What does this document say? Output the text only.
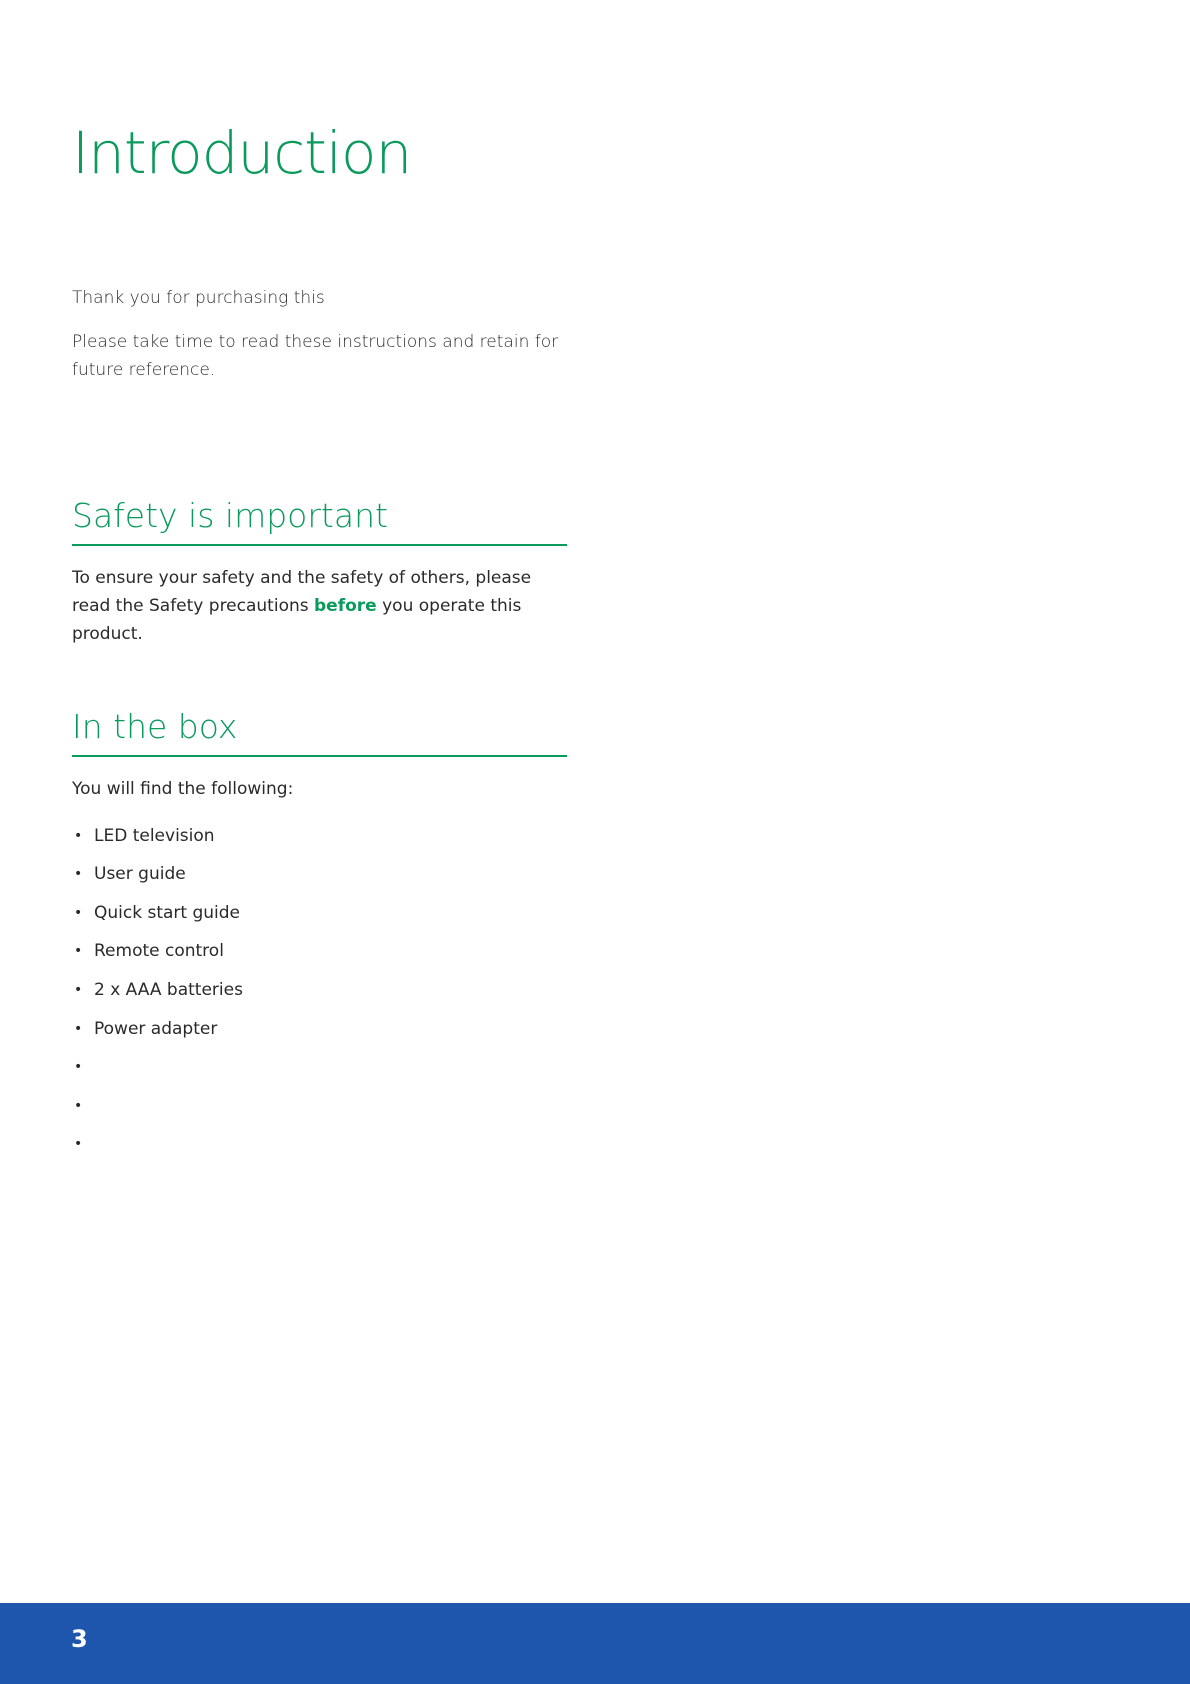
Introduction

Thank you for purchasing this

Please take time to read these instructions and retain for future reference.

Safety is important

To ensure your safety and the safety of others, please read the Safety precautions before you operate this product.

In the box

You will find the following:

• LED television
• User guide
• Quick start guide
• Remote control
• 2 x AAA batteries
• Power adapter
•
•
•
3
